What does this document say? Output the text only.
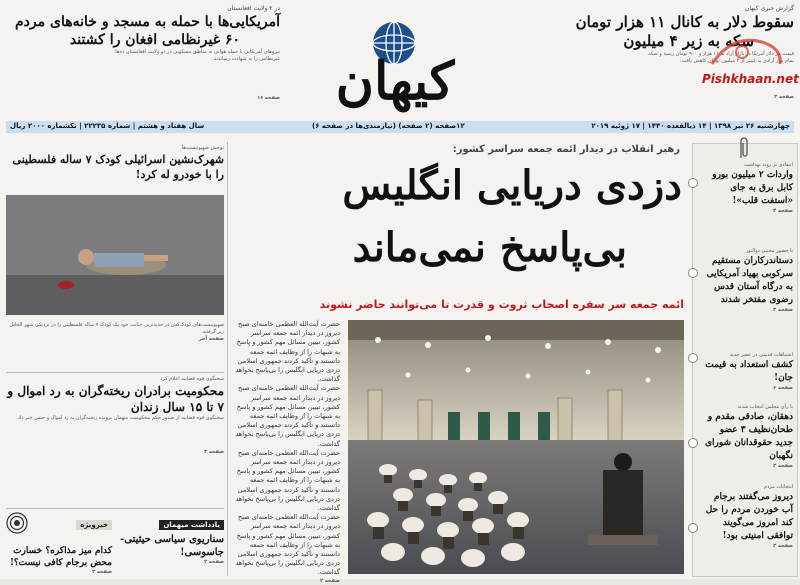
گزارش خبری کیهان
سقوط دلار به کانال ۱۱ هزار تومان
سکه به زیر ۴ میلیون
قیمت هر دلار آمریکا در بازار آزاد به ۱۱ هزار و ۹۰۰ تومان رسید و سکه تمام بهار آزادی به کمتر از ۴ میلیون تومان کاهش یافت.
صفحه ۳
Pishkhaan.net
کیهان
در ۲ ولایت افغانستان
آمریکایی‌ها با حمله به مسجد و خانه‌های مردم
۶۰ غیرنظامی افغان را کشتند
نیروهای آمریکایی با حمله هوایی به مناطق مسکونی در دو ولایت افغانستان ده‌ها غیرنظامی را به شهادت رساندند.
صفحه ۱۶
چهارشنبه ۲۶ تیر ۱۳۹۸ | ۱۴ ذیالقعده ۱۴۴۰ | ۱۷ ژوئیه ۲۰۱۹
۱۲صفحه (۲ صفحه) (نیازمندی‌ها در صفحه ۶)
سال هفتاد و هشتم | شماره ۲۲۲۳۵ | تکشماره ۲۰۰۰ ریال
انتقادی بر روند بهداشت
واردات ۲ میلیون بورو کابل برق به جای «استفت قلب»!
صفحه ۴
با حضور مجتبی ذوالنور
دستاندرکاران مستقیم سرکوبی بهیاد آمریکایی به درگاه آستان قدس رضوی مفتخر شدند
صفحه ۳
اشتباهات قدیمی در عصر جدید
کشف استعداد به قیمت جان!
صفحه ۶
با رأی مجلس انتخاب شدند
دهقان، صادقی مقدم و طحان‌نظیف ۳ عضو جدید حقوقدانان شورای نگهبان
صفحه ۲
انتخابات مردم
دیروز می‌گفتند برجام آب خوردن مردم را حل کند امروز می‌گویند توافقی امنیتی بود!
صفحه ۲
رهبر انقلاب در دیدار ائمه جمعه سراسر کشور:
دزدی دریایی انگلیس
بی‌پاسخ نمی‌ماند
ائمه جمعه سر سفره اصحاب ثروت و قدرت تا می‌توانند حاضر نشوند
حضرت آیت‌الله العظمی خامنه‌ای صبح دیروز در دیدار ائمه جمعه سراسر کشور، تبیین مسائل مهم کشور و پاسخ به شبهات را از وظایف ائمه جمعه دانستند و تأکید کردند جمهوری اسلامی دزدی دریایی انگلیس را بی‌پاسخ نخواهد گذاشت.
حضرت آیت‌الله العظمی خامنه‌ای صبح دیروز در دیدار ائمه جمعه سراسر کشور، تبیین مسائل مهم کشور و پاسخ به شبهات را از وظایف ائمه جمعه دانستند و تأکید کردند جمهوری اسلامی دزدی دریایی انگلیس را بی‌پاسخ نخواهد گذاشت.
حضرت آیت‌الله العظمی خامنه‌ای صبح دیروز در دیدار ائمه جمعه سراسر کشور، تبیین مسائل مهم کشور و پاسخ به شبهات را از وظایف ائمه جمعه دانستند و تأکید کردند جمهوری اسلامی دزدی دریایی انگلیس را بی‌پاسخ نخواهد گذاشت.
حضرت آیت‌الله العظمی خامنه‌ای صبح دیروز در دیدار ائمه جمعه سراسر کشور، تبیین مسائل مهم کشور و پاسخ به شبهات را از وظایف ائمه جمعه دانستند و تأکید کردند جمهوری اسلامی دزدی دریایی انگلیس را بی‌پاسخ نخواهد گذاشت.
صفحه ۲
توحش صهیونیست‌ها
شهرک‌نشین اسرائیلی کودک ۷ ساله فلسطینی را با خودرو له کرد!
صهیونیست‌های کودک‌کش در جدیدترین جنایت خود یک کودک ۷ ساله فلسطینی را در نزدیکی شهر الخلیل زیر گرفتند.
صفحه آخر
سخنگوی قوه قضاییه اعلام کرد
محکومیت برادران ریخته‌گران به رد اموال و ۷ تا ۱۵ سال زندان
سخنگوی قوه قضاییه از صدور حکم محکومیت متهمان پرونده ریخته‌گران به رد اموال و حبس خبر داد.
صفحه ۳
یادداشت میهمان
سناریوی سیاسی حیثیتی- جاسوسی!
صفحه ۲
خبرویژه
کدام میز مذاکره؟ خسارت محض برجام کافی نیست؟!
صفحه ۲
